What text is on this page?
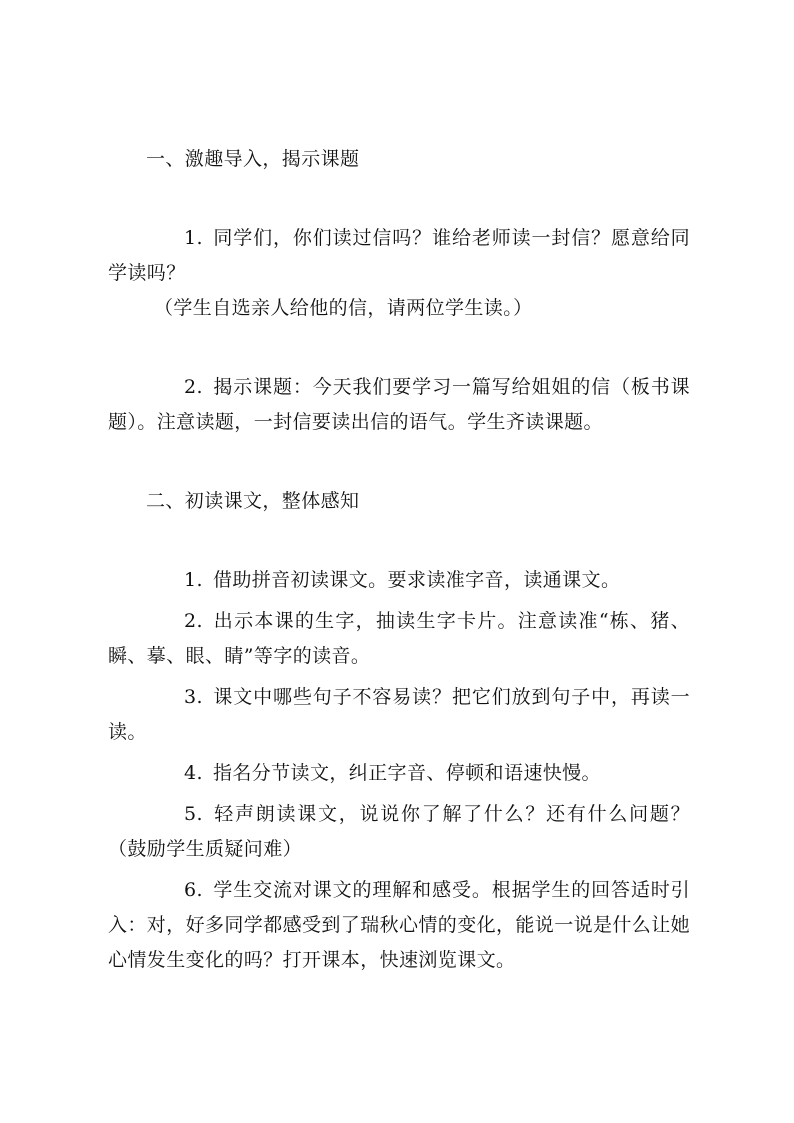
一、激趣导入，揭示课题

1. 同学们，你们读过信吗？谁给老师读一封信？愿意给同学读吗？

（学生自选亲人给他的信，请两位学生读。）

2. 揭示课题：今天我们要学习一篇写给姐姐的信（板书课题）。注意读题，一封信要读出信的语气。学生齐读课题。

二、初读课文，整体感知

1. 借助拼音初读课文。要求读准字音，读通课文。

2. 出示本课的生字，抽读生字卡片。注意读准“栋、猪、瞬、摹、眼、睛”等字的读音。

3. 课文中哪些句子不容易读？把它们放到句子中，再读一读。

4. 指名分节读文，纠正字音、停顿和语速快慢。

5. 轻声朗读课文，说说你了解了什么？还有什么问题？（鼓励学生质疑问难）

6. 学生交流对课文的理解和感受。根据学生的回答适时引入：对，好多同学都感受到了瑞秋心情的变化，能说一说是什么让她心情发生变化的吗？打开课本，快速浏览课文。
